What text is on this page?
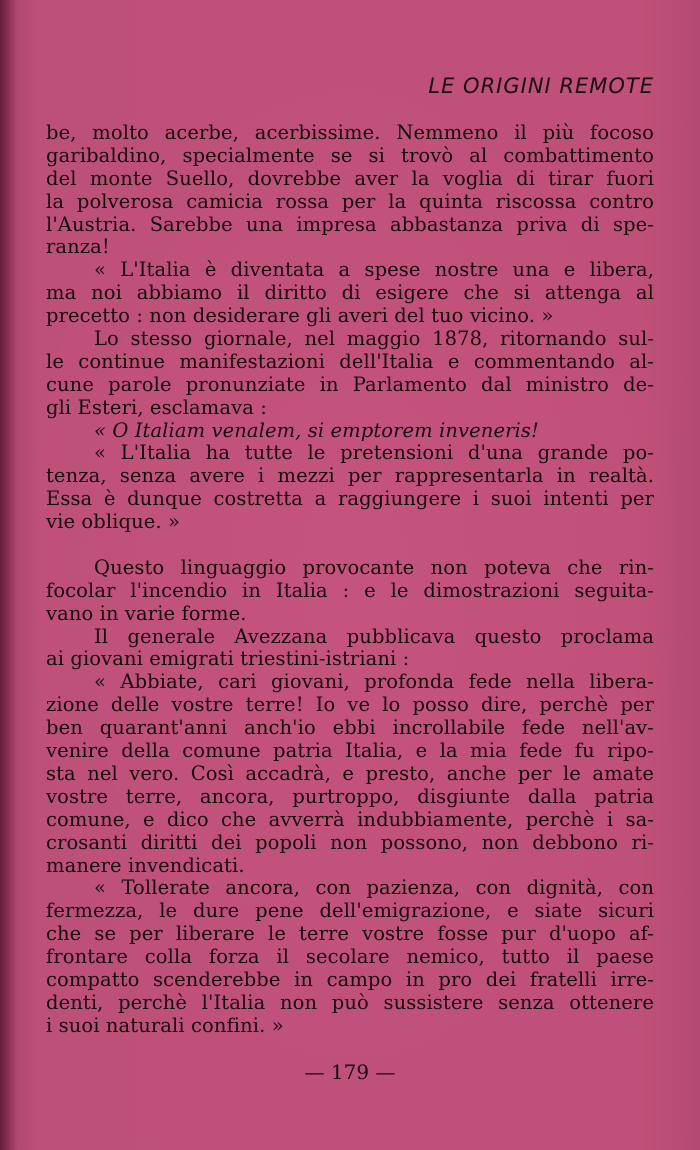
LE ORIGINI REMOTE
be, molto acerbe, acerbissime. Nemmeno il più focoso
garibaldino, specialmente se si trovò al combattimento
del monte Suello, dovrebbe aver la voglia di tirar fuori
la polverosa camicia rossa per la quinta riscossa contro
l'Austria. Sarebbe una impresa abbastanza priva di spe-
ranza!
« L'Italia è diventata a spese nostre una e libera,
ma noi abbiamo il diritto di esigere che si attenga al
precetto : non desiderare gli averi del tuo vicino. »
Lo stesso giornale, nel maggio 1878, ritornando sul-
le continue manifestazioni dell'Italia e commentando al-
cune parole pronunziate in Parlamento dal ministro de-
gli Esteri, esclamava :
« O Italiam venalem, si emptorem inveneris!
« L'Italia ha tutte le pretensioni d'una grande po-
tenza, senza avere i mezzi per rappresentarla in realtà.
Essa è dunque costretta a raggiungere i suoi intenti per
vie oblique. »
Questo linguaggio provocante non poteva che rin-
focolar l'incendio in Italia : e le dimostrazioni seguita-
vano in varie forme.
Il generale Avezzana pubblicava questo proclama
ai giovani emigrati triestini-istriani :
« Abbiate, cari giovani, profonda fede nella libera-
zione delle vostre terre! Io ve lo posso dire, perchè per
ben quarant'anni anch'io ebbi incrollabile fede nell'av-
venire della comune patria Italia, e la mia fede fu ripo-
sta nel vero. Così accadrà, e presto, anche per le amate
vostre terre, ancora, purtroppo, disgiunte dalla patria
comune, e dico che avverrà indubbiamente, perchè i sa-
crosanti diritti dei popoli non possono, non debbono ri-
manere invendicati.
« Tollerate ancora, con pazienza, con dignità, con
fermezza, le dure pene dell'emigrazione, e siate sicuri
che se per liberare le terre vostre fosse pur d'uopo af-
frontare colla forza il secolare nemico, tutto il paese
compatto scenderebbe in campo in pro dei fratelli irre-
denti, perchè l'Italia non può sussistere senza ottenere
i suoi naturali confini. »
— 179 —
